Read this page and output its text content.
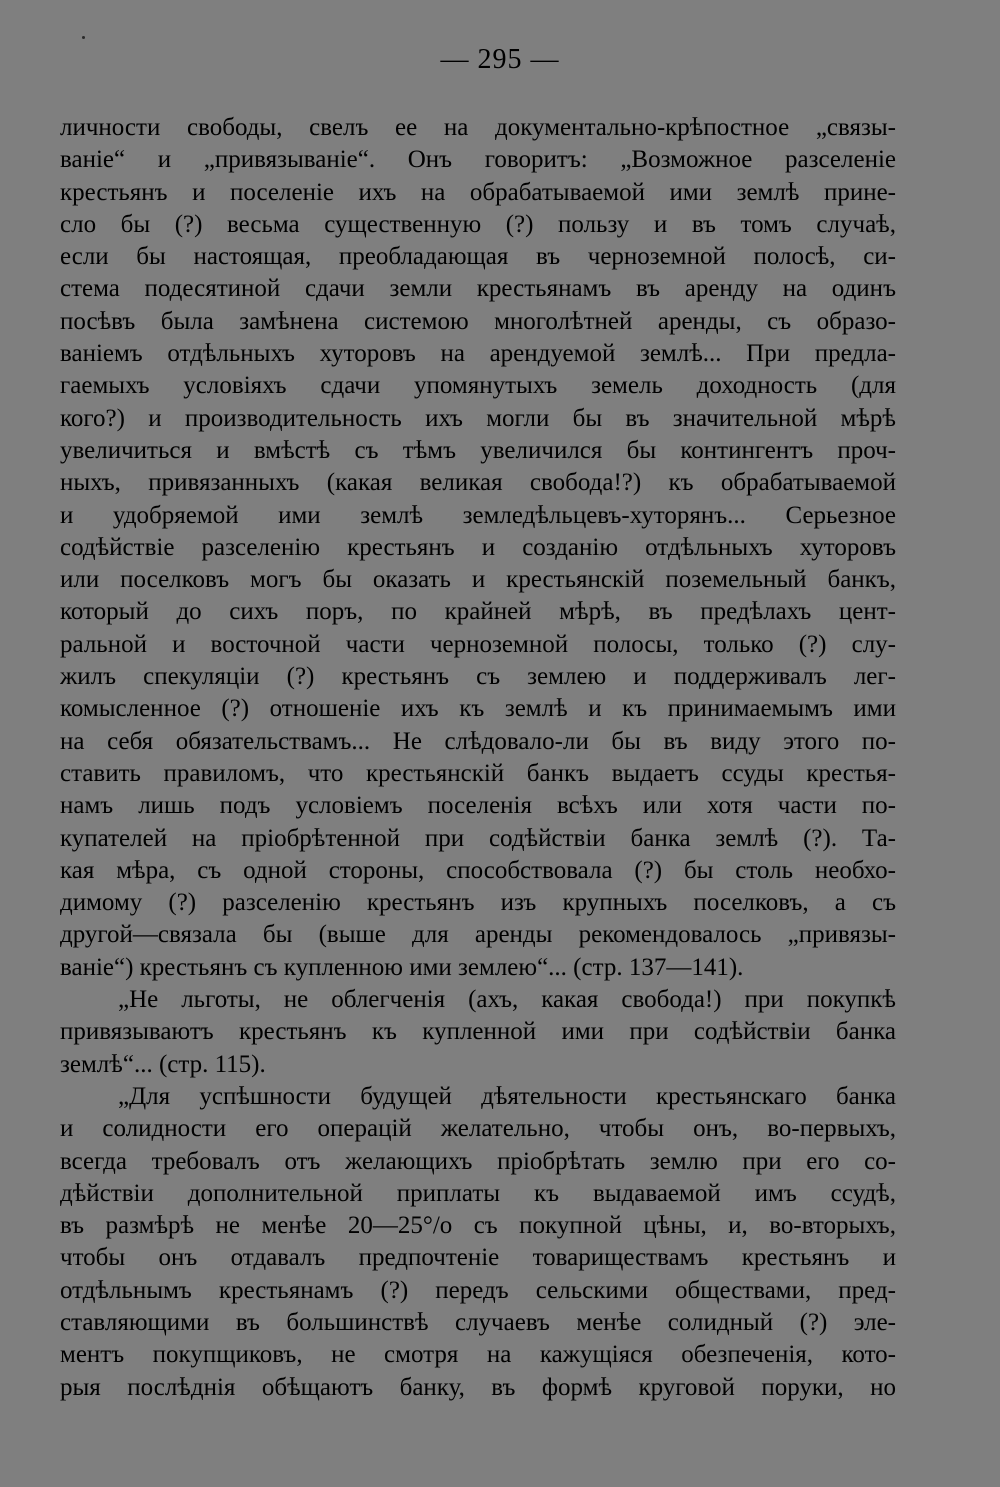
— 295 —
личности свободы, свелъ ее на документально-крѣпостное „связы-
ваніе“ и „привязываніе“. Онъ говоритъ: „Возможное разселеніе
крестьянъ и поселеніе ихъ на обрабатываемой ими землѣ прине-
сло бы (?) весьма существенную (?) пользу и въ томъ случаѣ,
если бы настоящая, преобладающая въ черноземной полосѣ, си-
стема подесятиной сдачи земли крестьянамъ въ аренду на одинъ
посѣвъ была замѣнена системою многолѣтней аренды, съ образо-
ваніемъ отдѣльныхъ хуторовъ на арендуемой землѣ... При предла-
гаемыхъ условіяхъ сдачи упомянутыхъ земель доходность (для
кого?) и производительность ихъ могли бы въ значительной мѣрѣ
увеличиться и вмѣстѣ съ тѣмъ увеличился бы контингентъ проч-
ныхъ, привязанныхъ (какая великая свобода!?) къ обрабатываемой
и удобряемой ими землѣ земледѣльцевъ-хуторянъ... Серьезное
содѣйствіе разселенію крестьянъ и созданію отдѣльныхъ хуторовъ
или поселковъ могъ бы оказать и крестьянскій поземельный банкъ,
который до сихъ поръ, по крайней мѣрѣ, въ предѣлахъ цент-
ральной и восточной части черноземной полосы, только (?) слу-
жилъ спекуляціи (?) крестьянъ съ землею и поддерживалъ лег-
комысленное (?) отношеніе ихъ къ землѣ и къ принимаемымъ ими
на себя обязательствамъ... Не слѣдовало-ли бы въ виду этого по-
ставить правиломъ, что крестьянскій банкъ выдаетъ ссуды крестья-
намъ лишь подъ условіемъ поселенія всѣхъ или хотя части по-
купателей на пріобрѣтенной при содѣйствіи банка землѣ (?). Та-
кая мѣра, съ одной стороны, способствовала (?) бы столь необхо-
димому (?) разселенію крестьянъ изъ крупныхъ поселковъ, а съ
другой—связала бы (выше для аренды рекомендовалось „привязы-
ваніе“) крестьянъ съ купленною ими землею“... (стр. 137—141).
„Не льготы, не облегченія (ахъ, какая свобода!) при покупкѣ
привязываютъ крестьянъ къ купленной ими при содѣйствіи банка
землѣ“... (стр. 115).
„Для успѣшности будущей дѣятельности крестьянскаго банка
и солидности его операцій желательно, чтобы онъ, во-первыхъ,
всегда требовалъ отъ желающихъ пріобрѣтать землю при его со-
дѣйствіи дополнительной приплаты къ выдаваемой имъ ссудѣ,
въ размѣрѣ не менѣе 20—25°/о съ покупной цѣны, и, во-вторыхъ,
чтобы онъ отдавалъ предпочтеніе товариществамъ крестьянъ и
отдѣльнымъ крестьянамъ (?) передъ сельскими обществами, пред-
ставляющими въ большинствѣ случаевъ менѣе солидный (?) эле-
ментъ покупщиковъ, не смотря на кажущіяся обезпеченія, кото-
рыя послѣднія обѣщаютъ банку, въ формѣ круговой поруки, но
